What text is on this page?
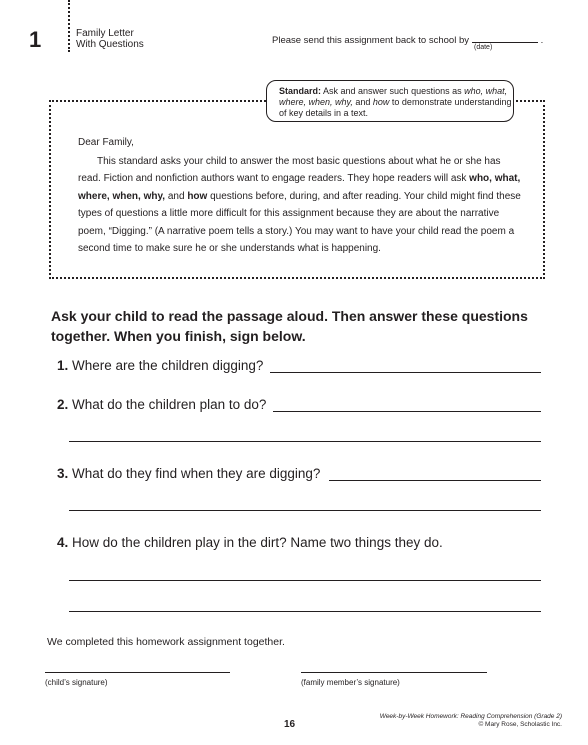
1	Family Letter
With Questions	Please send this assignment back to school by	.
(date)
Standard: Ask and answer such questions as who, what,
where, when, why, and how to demonstrate understanding
of key details in a text.

Dear Family,

This standard asks your child to answer the most basic questions about what he or she has read. Fiction and nonfiction authors want to engage readers. They hope readers will ask who, what, where, when, why, and how questions before, during, and after reading. Your child might find these types of questions a little more difficult for this assignment because they are about the narrative poem, “Digging.” (A narrative poem tells a story.) You may want to have your child read the poem a second time to make sure he or she understands what is happening.

Ask your child to read the passage aloud. Then answer these questions together. When you finish, sign below.
1. Where are the children digging?
2. What do the children plan to do?
3. What do they find when they are digging?
4. How do the children play in the dirt? Name two things they do.
We completed this homework assignment together.
(child’s signature)	(family member’s signature)
16
Week-by-Week Homework: Reading Comprehension (Grade 2)
© Mary Rose, Scholastic Inc.
